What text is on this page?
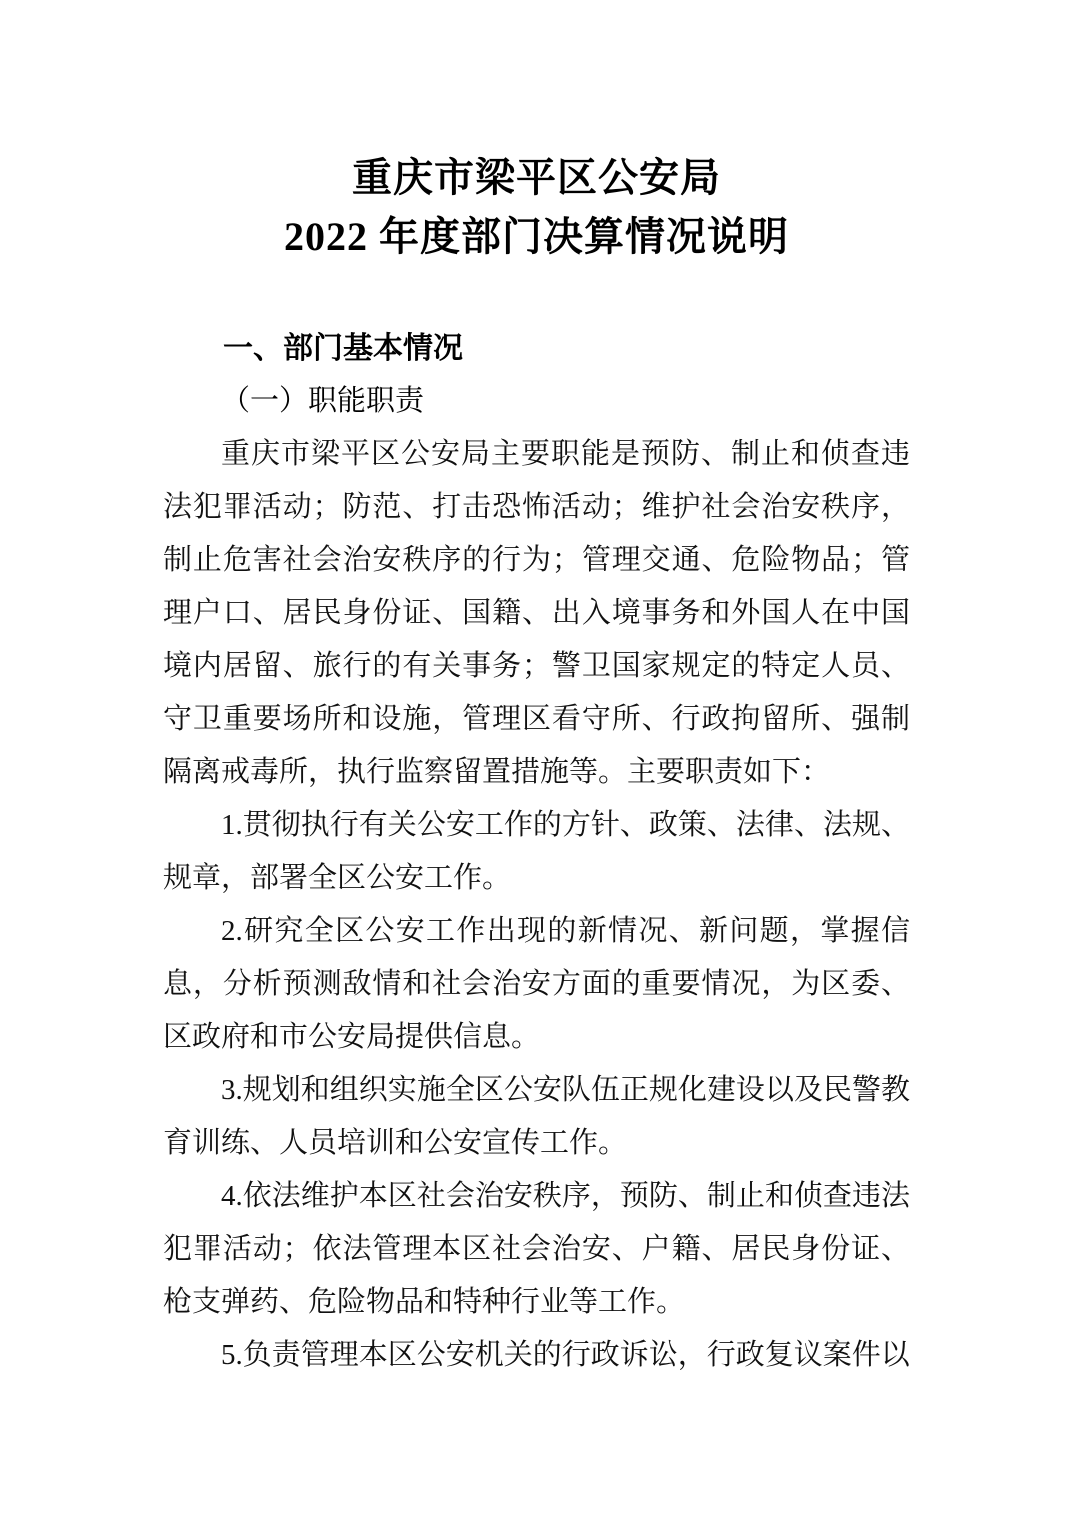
重庆市梁平区公安局
2022 年度部门决算情况说明
一、部门基本情况
（一）职能职责

重庆市梁平区公安局主要职能是预防、制止和侦查违法犯罪活动；防范、打击恐怖活动；维护社会治安秩序，制止危害社会治安秩序的行为；管理交通、危险物品；管理户口、居民身份证、国籍、出入境事务和外国人在中国境内居留、旅行的有关事务；警卫国家规定的特定人员、守卫重要场所和设施，管理区看守所、行政拘留所、强制隔离戒毒所，执行监察留置措施等。主要职责如下：

1.贯彻执行有关公安工作的方针、政策、法律、法规、规章，部署全区公安工作。

2.研究全区公安工作出现的新情况、新问题，掌握信息，分析预测敌情和社会治安方面的重要情况，为区委、区政府和市公安局提供信息。

3.规划和组织实施全区公安队伍正规化建设以及民警教育训练、人员培训和公安宣传工作。

4.依法维护本区社会治安秩序，预防、制止和侦查违法犯罪活动；依法管理本区社会治安、户籍、居民身份证、枪支弹药、危险物品和特种行业等工作。

5.负责管理本区公安机关的行政诉讼，行政复议案件以
